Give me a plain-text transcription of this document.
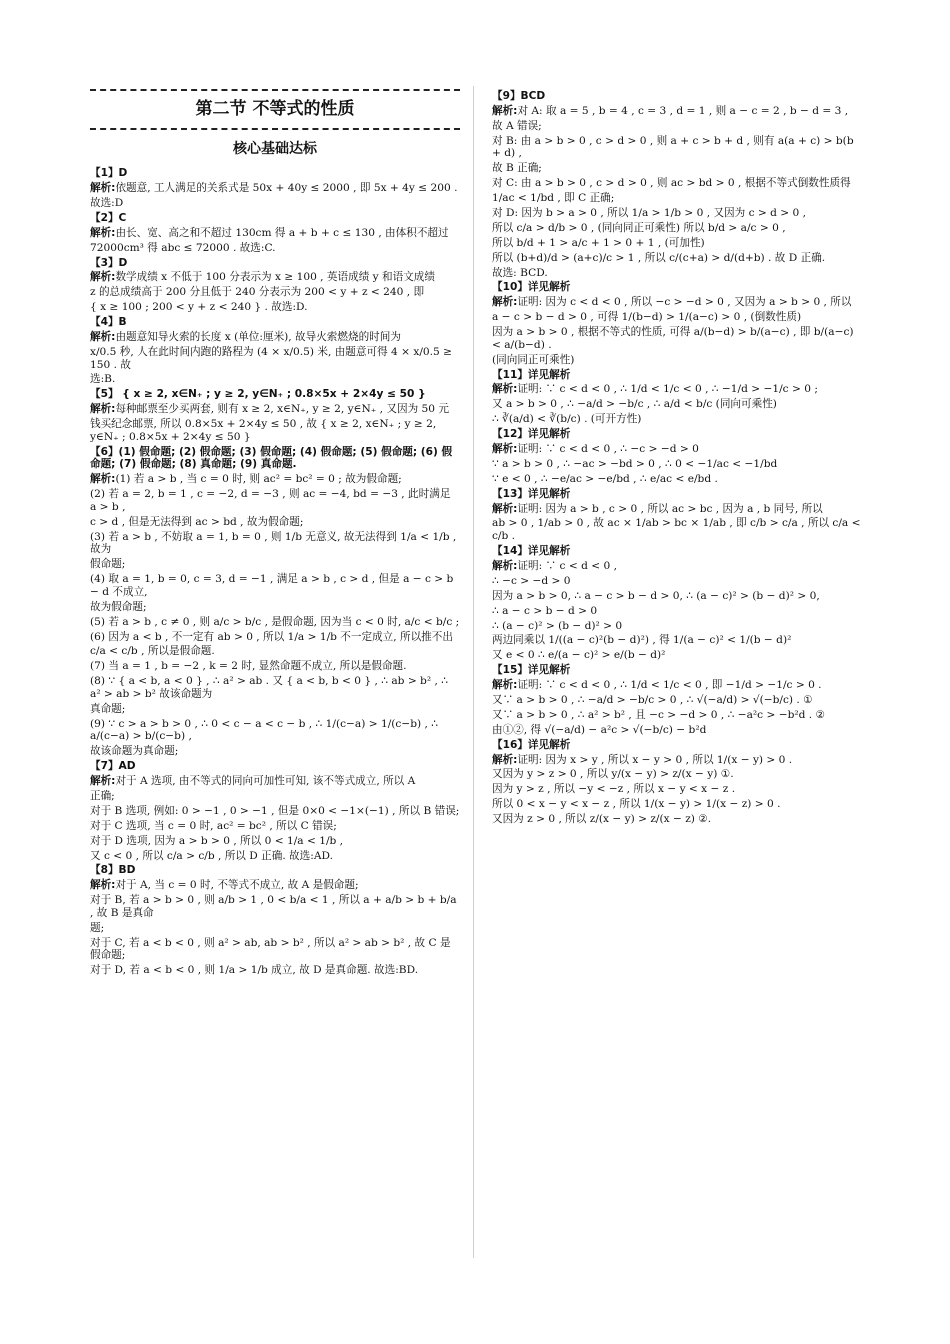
第二节 不等式的性质
核心基础达标
【1】D
解析:依题意, 工人满足的关系式是 50x + 40y ≤ 2000 , 即 5x + 4y ≤ 200 .
故选:D
【2】C
解析:由长、宽、高之和不超过 130cm 得 a + b + c ≤ 130 , 由体积不超过
72000cm³ 得 abc ≤ 72000 . 故选:C.
【3】D
解析:数学成绩 x 不低于 100 分表示为 x ≥ 100 , 英语成绩 y 和语文成绩
z 的总成绩高于 200 分且低于 240 分表示为 200 < y + z < 240 , 即
{ x ≥ 100 ; 200 < y + z < 240 } . 故选:D.
【4】B
解析:由题意知导火索的长度 x (单位:厘米), 故导火索燃烧的时间为
x/0.5 秒, 人在此时间内跑的路程为 (4 × x/0.5) 米, 由题意可得 4 × x/0.5 ≥ 150 . 故
选:B.
【5】 { x ≥ 2, x∈N₊ ; y ≥ 2, y∈N₊ ; 0.8×5x + 2×4y ≤ 50 }
解析:每种邮票至少买两套, 则有 x ≥ 2, x∈N₊, y ≥ 2, y∈N₊ , 又因为 50 元
钱买纪念邮票, 所以 0.8×5x + 2×4y ≤ 50 , 故 { x ≥ 2, x∈N₊ ; y ≥ 2, y∈N₊ ; 0.8×5x + 2×4y ≤ 50 }
【6】(1) 假命题; (2) 假命题; (3) 假命题; (4) 假命题; (5) 假命题; (6) 假命题; (7) 假命题; (8) 真命题; (9) 真命题.
解析:(1) 若 a > b , 当 c = 0 时, 则 ac² = bc² = 0 ; 故为假命题;
(2) 若 a = 2, b = 1 , c = −2, d = −3 , 则 ac = −4, bd = −3 , 此时满足 a > b ,
c > d , 但是无法得到 ac > bd , 故为假命题;
(3) 若 a > b , 不妨取 a = 1, b = 0 , 则 1/b 无意义, 故无法得到 1/a < 1/b , 故为
假命题;
(4) 取 a = 1, b = 0, c = 3, d = −1 , 满足 a > b , c > d , 但是 a − c > b − d 不成立,
故为假命题;
(5) 若 a > b , c ≠ 0 , 则 a/c > b/c , 是假命题, 因为当 c < 0 时, a/c < b/c ;
(6) 因为 a < b , 不一定有 ab > 0 , 所以 1/a > 1/b 不一定成立, 所以推不出
c/a < c/b , 所以是假命题.
(7) 当 a = 1 , b = −2 , k = 2 时, 显然命题不成立, 所以是假命题.
(8) ∵ { a < b, a < 0 } , ∴ a² > ab . 又 { a < b, b < 0 } , ∴ ab > b² , ∴ a² > ab > b² 故该命题为
真命题;
(9) ∵ c > a > b > 0 , ∴ 0 < c − a < c − b , ∴ 1/(c−a) > 1/(c−b) , ∴ a/(c−a) > b/(c−b) ,
故该命题为真命题;
【7】AD
解析:对于 A 选项, 由不等式的同向可加性可知, 该不等式成立, 所以 A
正确;
对于 B 选项, 例如: 0 > −1 , 0 > −1 , 但是 0×0 < −1×(−1) , 所以 B 错误;
对于 C 选项, 当 c = 0 时, ac² = bc² , 所以 C 错误;
对于 D 选项, 因为 a > b > 0 , 所以 0 < 1/a < 1/b ,
又 c < 0 , 所以 c/a > c/b , 所以 D 正确. 故选:AD.
【8】BD
解析:对于 A, 当 c = 0 时, 不等式不成立, 故 A 是假命题;
对于 B, 若 a > b > 0 , 则 a/b > 1 , 0 < b/a < 1 , 所以 a + a/b > b + b/a , 故 B 是真命
题;
对于 C, 若 a < b < 0 , 则 a² > ab, ab > b² , 所以 a² > ab > b² , 故 C 是假命题;
对于 D, 若 a < b < 0 , 则 1/a > 1/b 成立, 故 D 是真命题. 故选:BD.
【9】BCD
解析:对 A: 取 a = 5 , b = 4 , c = 3 , d = 1 , 则 a − c = 2 , b − d = 3 ,
故 A 错误;
对 B: 由 a > b > 0 , c > d > 0 , 则 a + c > b + d , 则有 a(a + c) > b(b + d) ,
故 B 正确;
对 C: 由 a > b > 0 , c > d > 0 , 则 ac > bd > 0 , 根据不等式倒数性质得
1/ac < 1/bd , 即 C 正确;
对 D: 因为 b > a > 0 , 所以 1/a > 1/b > 0 , 又因为 c > d > 0 ,
所以 c/a > d/b > 0 , (同向同正可乘性) 所以 b/d > a/c > 0 ,
所以 b/d + 1 > a/c + 1 > 0 + 1 , (可加性)
所以 (b+d)/d > (a+c)/c > 1 , 所以 c/(c+a) > d/(d+b) . 故 D 正确.
故选: BCD.
【10】详见解析
解析:证明: 因为 c < d < 0 , 所以 −c > −d > 0 , 又因为 a > b > 0 , 所以
a − c > b − d > 0 , 可得 1/(b−d) > 1/(a−c) > 0 , (倒数性质)
因为 a > b > 0 , 根据不等式的性质, 可得 a/(b−d) > b/(a−c) , 即 b/(a−c) < a/(b−d) .
(同向同正可乘性)
【11】详见解析
解析:证明: ∵ c < d < 0 , ∴ 1/d < 1/c < 0 , ∴ −1/d > −1/c > 0 ;
又 a > b > 0 , ∴ −a/d > −b/c , ∴ a/d < b/c (同向可乘性)
∴ ∛(a/d) < ∛(b/c) . (可开方性)
【12】详见解析
解析:证明: ∵ c < d < 0 , ∴ −c > −d > 0
∵ a > b > 0 , ∴ −ac > −bd > 0 , ∴ 0 < −1/ac < −1/bd
∵ e < 0 , ∴ −e/ac > −e/bd , ∴ e/ac < e/bd .
【13】详见解析
解析:证明: 因为 a > b , c > 0 , 所以 ac > bc , 因为 a , b 同号, 所以
ab > 0 , 1/ab > 0 , 故 ac × 1/ab > bc × 1/ab , 即 c/b > c/a , 所以 c/a < c/b .
【14】详见解析
解析:证明: ∵ c < d < 0 ,
∴ −c > −d > 0
因为 a > b > 0, ∴ a − c > b − d > 0, ∴ (a − c)² > (b − d)² > 0,
∴ a − c > b − d > 0
∴ (a − c)² > (b − d)² > 0
两边同乘以 1/((a − c)²(b − d)²) , 得 1/(a − c)² < 1/(b − d)²
又 e < 0 ∴ e/(a − c)² > e/(b − d)²
【15】详见解析
解析:证明: ∵ c < d < 0 , ∴ 1/d < 1/c < 0 , 即 −1/d > −1/c > 0 .
又∵ a > b > 0 , ∴ −a/d > −b/c > 0 , ∴ √(−a/d) > √(−b/c) . ①
又∵ a > b > 0 , ∴ a² > b² , 且 −c > −d > 0 , ∴ −a²c > −b²d . ②
由①②, 得 √(−a/d) − a²c > √(−b/c) − b²d
【16】详见解析
解析:证明: 因为 x > y , 所以 x − y > 0 , 所以 1/(x − y) > 0 .
又因为 y > z > 0 , 所以 y/(x − y) > z/(x − y) ①.
因为 y > z , 所以 −y < −z , 所以 x − y < x − z .
所以 0 < x − y < x − z , 所以 1/(x − y) > 1/(x − z) > 0 .
又因为 z > 0 , 所以 z/(x − y) > z/(x − z) ②.
